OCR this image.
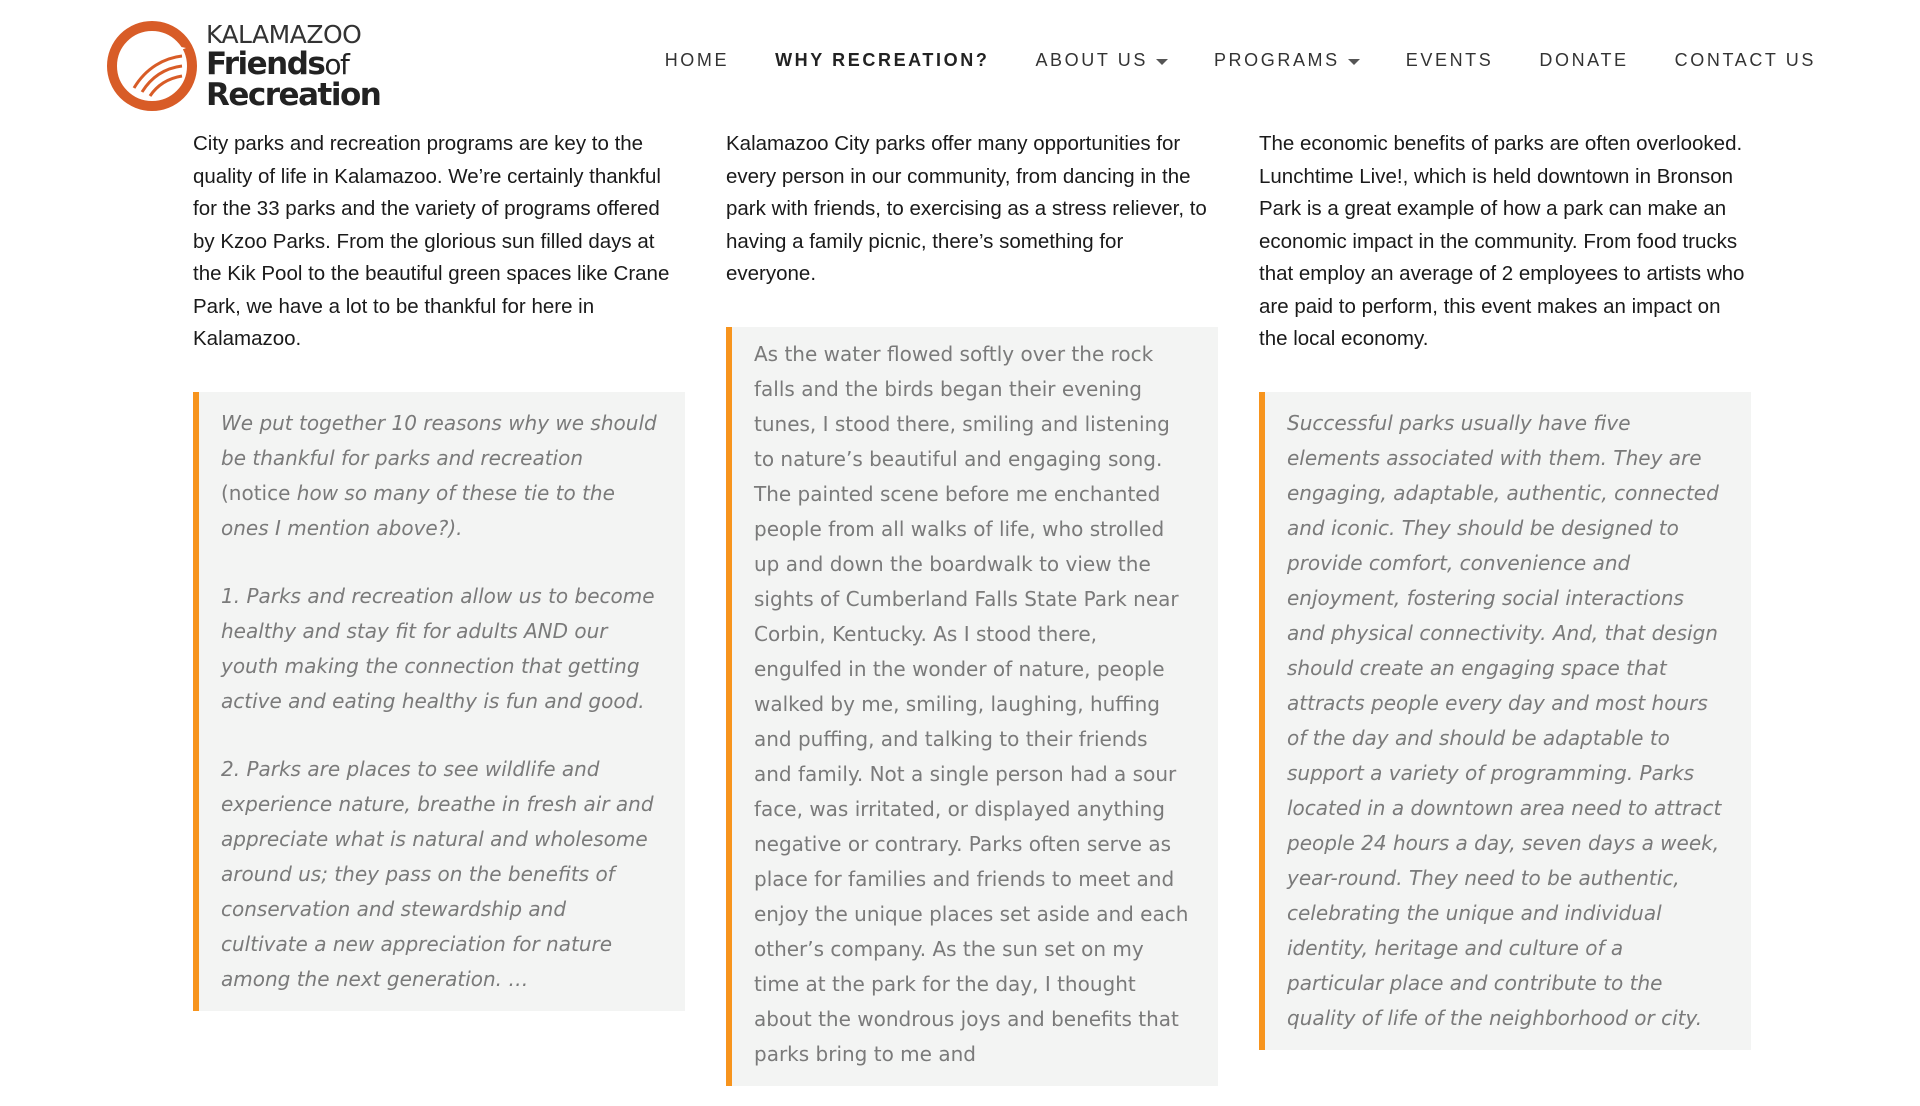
KALAMAZOO
Friendsof
Recreation
HOME	WHY RECREATION?	ABOUT US	PROGRAMS	EVENTS	DONATE	CONTACT US

City parks and recreation programs are key to the quality of life in Kalamazoo. We’re certainly thankful for the 33 parks and the variety of programs offered by Kzoo Parks. From the glorious sun filled days at the Kik Pool to the beautiful green spaces like Crane Park, we have a lot to be thankful for here in Kalamazoo.

We put together 10 reasons why we should be thankful for parks and recreation (notice how so many of these tie to the ones I mention above?).

1. Parks and recreation allow us to become healthy and stay fit for adults AND our youth making the connection that getting active and eating healthy is fun and good.

2. Parks are places to see wildlife and experience nature, breathe in fresh air and appreciate what is natural and wholesome around us; they pass on the benefits of conservation and stewardship and cultivate a new appreciation for nature among the next generation. …

Kalamazoo City parks offer many opportunities for every person in our community, from dancing in the park with friends, to exercising as a stress reliever, to having a family picnic, there’s something for everyone.

As the water flowed softly over the rock falls and the birds began their evening tunes, I stood there, smiling and listening to nature’s beautiful and engaging song. The painted scene before me enchanted people from all walks of life, who strolled up and down the boardwalk to view the sights of Cumberland Falls State Park near Corbin, Kentucky. As I stood there, engulfed in the wonder of nature, people walked by me, smiling, laughing, huffing and puffing, and talking to their friends and family. Not a single person had a sour face, was irritated, or displayed anything negative or contrary. Parks often serve as place for families and friends to meet and enjoy the unique places set aside and each other’s company. As the sun set on my time at the park for the day, I thought about the wondrous joys and benefits that parks bring to me and

The economic benefits of parks are often overlooked. Lunchtime Live!, which is held downtown in Bronson Park is a great example of how a park can make an economic impact in the community. From food trucks that employ an average of 2 employees to artists who are paid to perform, this event makes an impact on the local economy.

Successful parks usually have five elements associated with them. They are engaging, adaptable, authentic, connected and iconic. They should be designed to provide comfort, convenience and enjoyment, fostering social interactions and physical connectivity. And, that design should create an engaging space that attracts people every day and most hours of the day and should be adaptable to support a variety of programming. Parks located in a downtown area need to attract people 24 hours a day, seven days a week, year-round. They need to be authentic, celebrating the unique and individual identity, heritage and culture of a particular place and contribute to the quality of life of the neighborhood or city.
